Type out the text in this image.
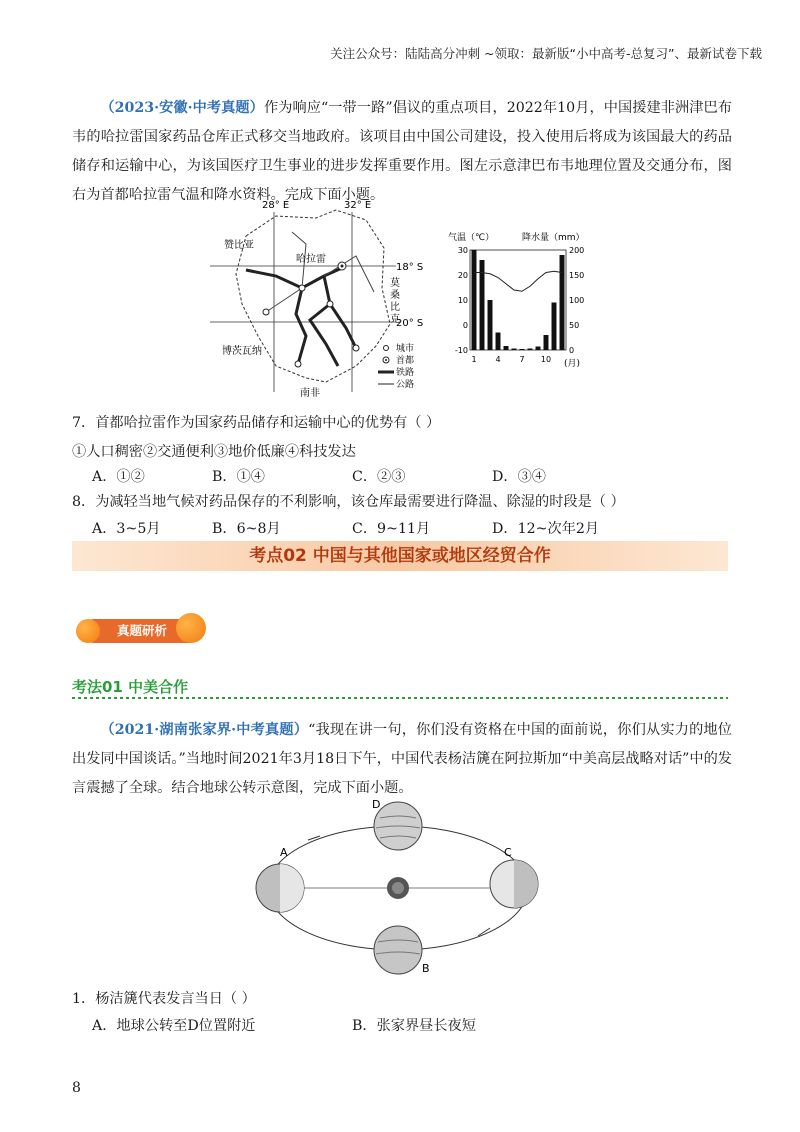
关注公众号：陆陆高分冲刺 ~领取：最新版“小中高考-总复习”、最新试卷下载
（2023·安徽·中考真题）作为响应“一带一路”倡议的重点项目，2022年10月，中国援建非洲津巴布韦的哈拉雷国家药品仓库正式移交当地政府。该项目由中国公司建设，投入使用后将成为该国最大的药品储存和运输中心，为该国医疗卫生事业的进步发挥重要作用。图左示意津巴布韦地理位置及交通分布，图右为首都哈拉雷气温和降水资料。完成下面小题。
28° E	32° E
18° S
20° S
赞比亚
哈拉雷
莫
桑
比
克
博茨瓦纳
南非
城市
首都
铁路
公路
气温（℃）	降水量（mm）
30
20
10
0
-10
200
150
100
50
0
1 4 7 10 (月)
7．首都哈拉雷作为国家药品储存和运输中心的优势有（ ）
①人口稠密②交通便利③地价低廉④科技发达
A．①②	B．①④	C．②③	D．③④
8．为减轻当地气候对药品保存的不利影响，该仓库最需要进行降温、除湿的时段是（ ）
A．3~5月	B．6~8月	C．9~11月	D．12~次年2月
考点02 中国与其他国家或地区经贸合作
真题研析
考法01 中美合作
（2021·湖南张家界·中考真题）“我现在讲一句，你们没有资格在中国的面前说，你们从实力的地位出发同中国谈话。”当地时间2021年3月18日下午，中国代表杨洁篪在阿拉斯加“中美高层战略对话”中的发言震撼了全球。结合地球公转示意图，完成下面小题。
D
A	C
B
1．杨洁篪代表发言当日（ ）
A．地球公转至D位置附近	B．张家界昼长夜短
8
